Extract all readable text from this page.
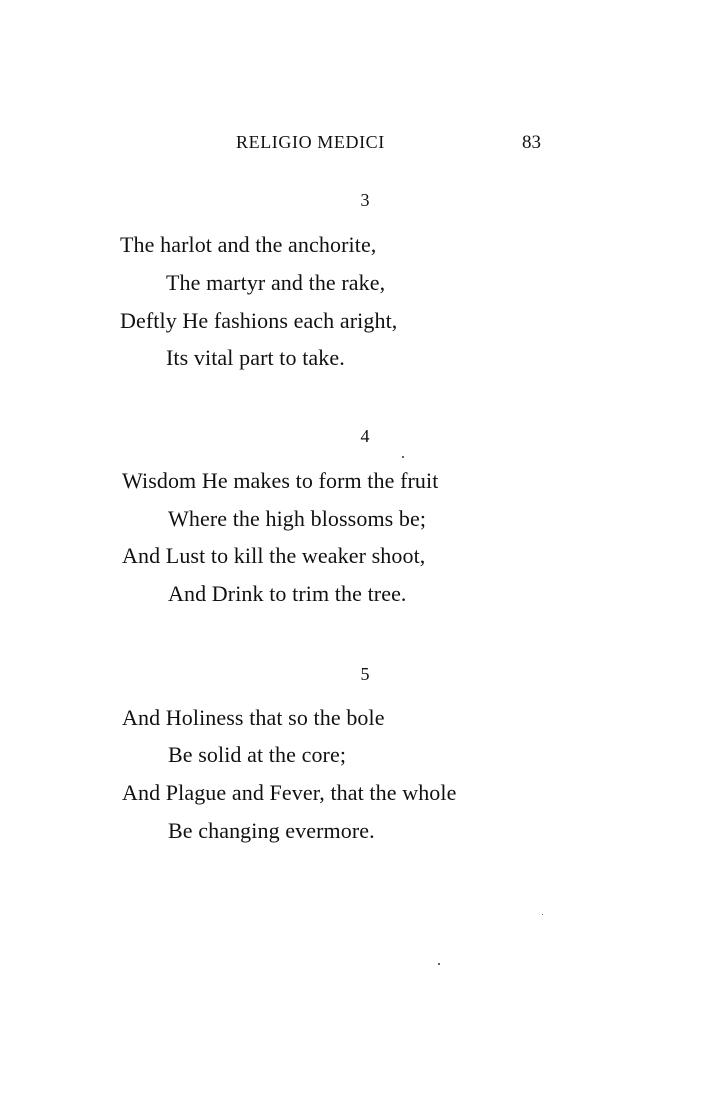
RELIGIO MEDICI	83
3
The harlot and the anchorite,
The martyr and the rake,
Deftly He fashions each aright,
Its vital part to take.
4
Wisdom He makes to form the fruit
Where the high blossoms be;
And Lust to kill the weaker shoot,
And Drink to trim the tree.
5
And Holiness that so the bole
Be solid at the core;
And Plague and Fever, that the whole
Be changing evermore.
